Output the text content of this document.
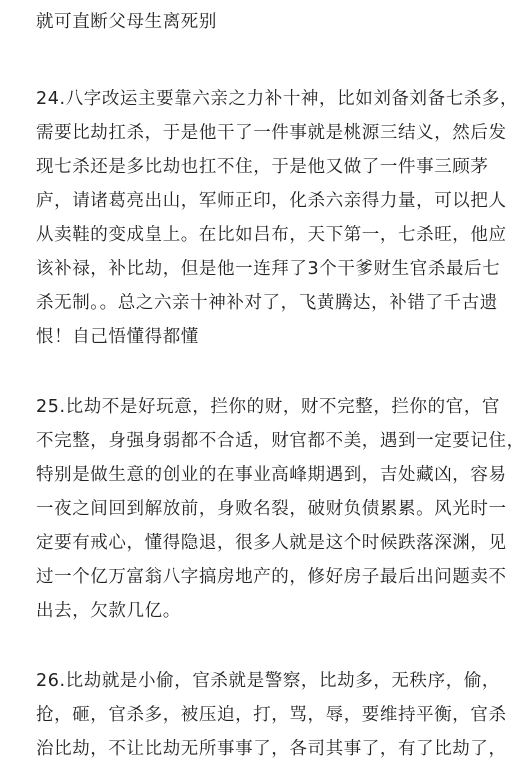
就可直断父母生离死别
24.八字改运主要靠六亲之力补十神，比如刘备刘备七杀多，
需要比劫扛杀，于是他干了一件事就是桃源三结义，然后发
现七杀还是多比劫也扛不住，于是他又做了一件事三顾茅
庐，请诸葛亮出山，军师正印，化杀六亲得力量，可以把人
从卖鞋的变成皇上。在比如吕布，天下第一，七杀旺，他应
该补禄，补比劫，但是他一连拜了3个干爹财生官杀最后七
杀无制。。总之六亲十神补对了，飞黄腾达，补错了千古遗
恨！自己悟懂得都懂
25.比劫不是好玩意，拦你的财，财不完整，拦你的官，官
不完整，身强身弱都不合适，财官都不美，遇到一定要记住，
特别是做生意的创业的在事业高峰期遇到，吉处藏凶，容易
一夜之间回到解放前，身败名裂，破财负债累累。风光时一
定要有戒心，懂得隐退，很多人就是这个时候跌落深渊，见
过一个亿万富翁八字搞房地产的，修好房子最后出问题卖不
出去，欠款几亿。
26.比劫就是小偷，官杀就是警察，比劫多，无秩序，偷，
抢，砸，官杀多，被压迫，打，骂，辱，要维持平衡，官杀
治比劫，不让比劫无所事事了，各司其事了，有了比劫了，
